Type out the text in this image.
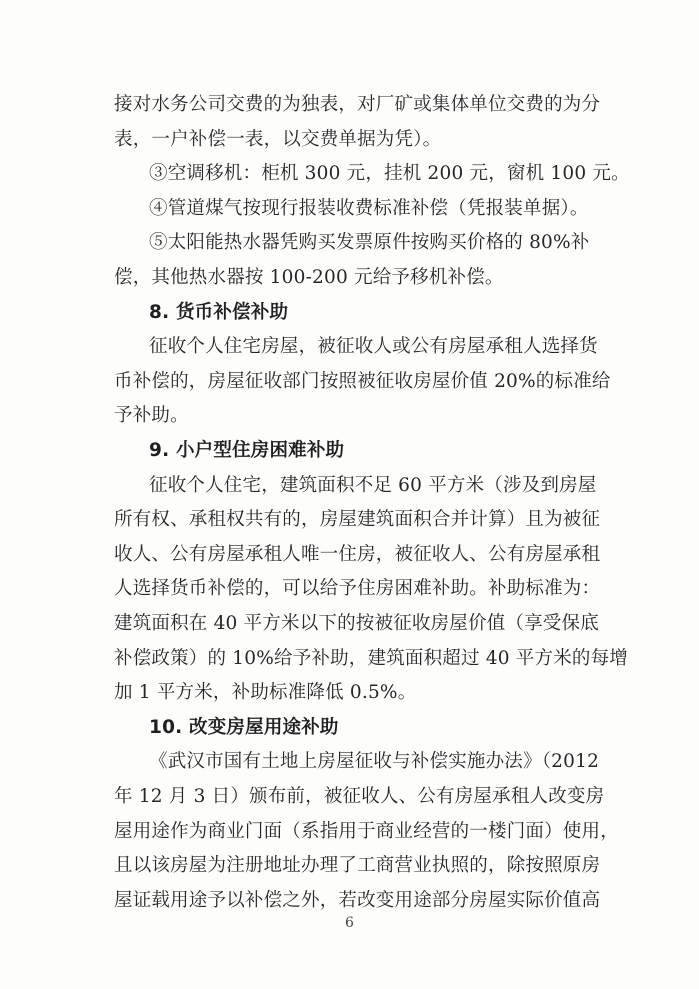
接对水务公司交费的为独表，对厂矿或集体单位交费的为分
表，一户补偿一表，以交费单据为凭）。
③空调移机：柜机 300 元，挂机 200 元，窗机 100 元。
④管道煤气按现行报装收费标准补偿（凭报装单据）。
⑤太阳能热水器凭购买发票原件按购买价格的 80%补
偿，其他热水器按 100-200 元给予移机补偿。
8. 货币补偿补助
征收个人住宅房屋，被征收人或公有房屋承租人选择货
币补偿的，房屋征收部门按照被征收房屋价值 20%的标准给
予补助。
9. 小户型住房困难补助
征收个人住宅，建筑面积不足 60 平方米（涉及到房屋
所有权、承租权共有的，房屋建筑面积合并计算）且为被征
收人、公有房屋承租人唯一住房，被征收人、公有房屋承租
人选择货币补偿的，可以给予住房困难补助。补助标准为：
建筑面积在 40 平方米以下的按被征收房屋价值（享受保底
补偿政策）的 10%给予补助，建筑面积超过 40 平方米的每增
加 1 平方米，补助标准降低 0.5%。
10. 改变房屋用途补助
《武汉市国有土地上房屋征收与补偿实施办法》（2012
年 12 月 3 日）颁布前，被征收人、公有房屋承租人改变房
屋用途作为商业门面（系指用于商业经营的一楼门面）使用，
且以该房屋为注册地址办理了工商营业执照的，除按照原房
屋证载用途予以补偿之外，若改变用途部分房屋实际价值高
6
